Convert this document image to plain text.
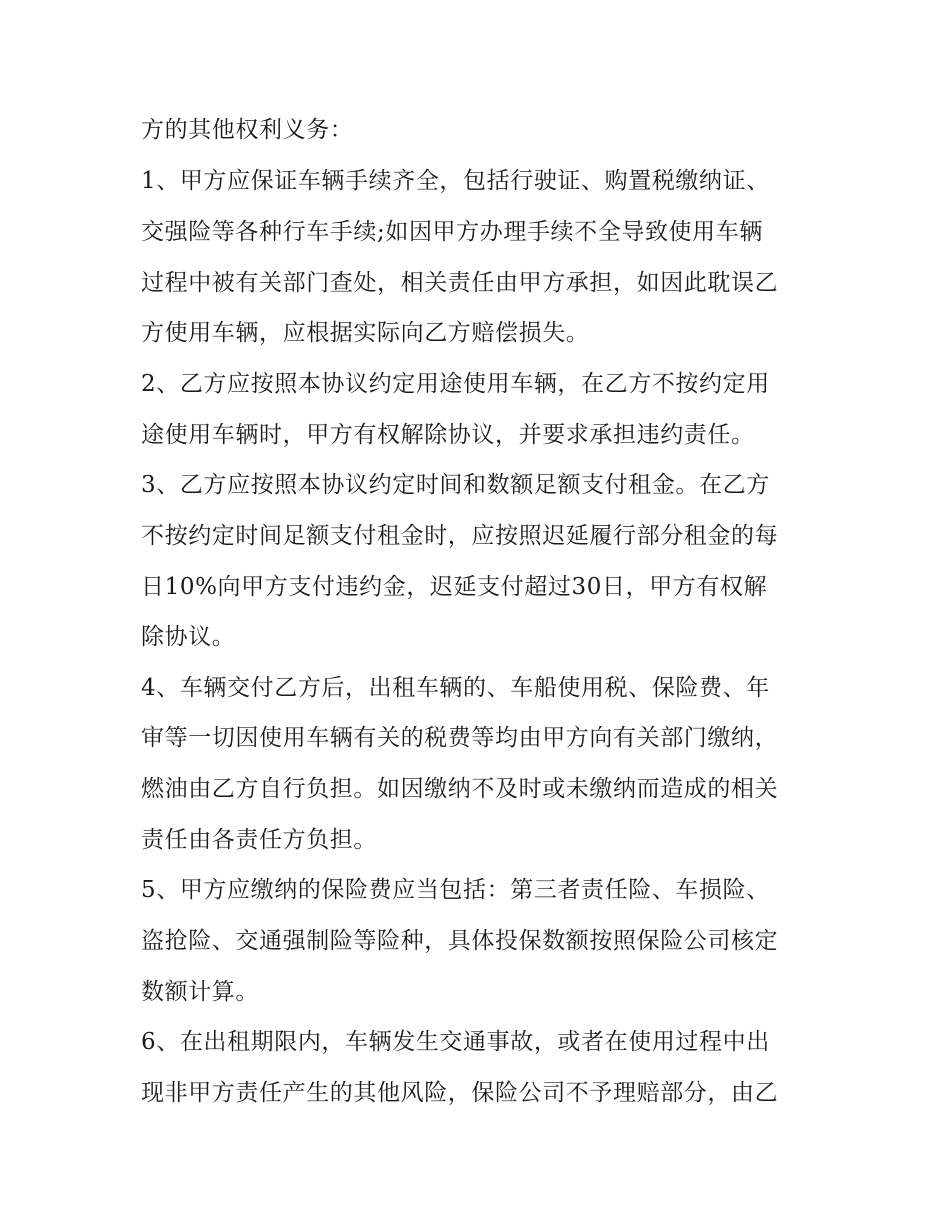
方的其他权利义务：
1、甲方应保证车辆手续齐全，包括行驶证、购置税缴纳证、
交强险等各种行车手续;如因甲方办理手续不全导致使用车辆
过程中被有关部门查处，相关责任由甲方承担，如因此耽误乙
方使用车辆，应根据实际向乙方赔偿损失。
2、乙方应按照本协议约定用途使用车辆，在乙方不按约定用
途使用车辆时，甲方有权解除协议，并要求承担违约责任。
3、乙方应按照本协议约定时间和数额足额支付租金。在乙方
不按约定时间足额支付租金时，应按照迟延履行部分租金的每
日10%向甲方支付违约金，迟延支付超过30日，甲方有权解
除协议。
4、车辆交付乙方后，出租车辆的、车船使用税、保险费、年
审等一切因使用车辆有关的税费等均由甲方向有关部门缴纳，
燃油由乙方自行负担。如因缴纳不及时或未缴纳而造成的相关
责任由各责任方负担。
5、甲方应缴纳的保险费应当包括：第三者责任险、车损险、
盗抢险、交通强制险等险种，具体投保数额按照保险公司核定
数额计算。
6、在出租期限内，车辆发生交通事故，或者在使用过程中出
现非甲方责任产生的其他风险，保险公司不予理赔部分，由乙
